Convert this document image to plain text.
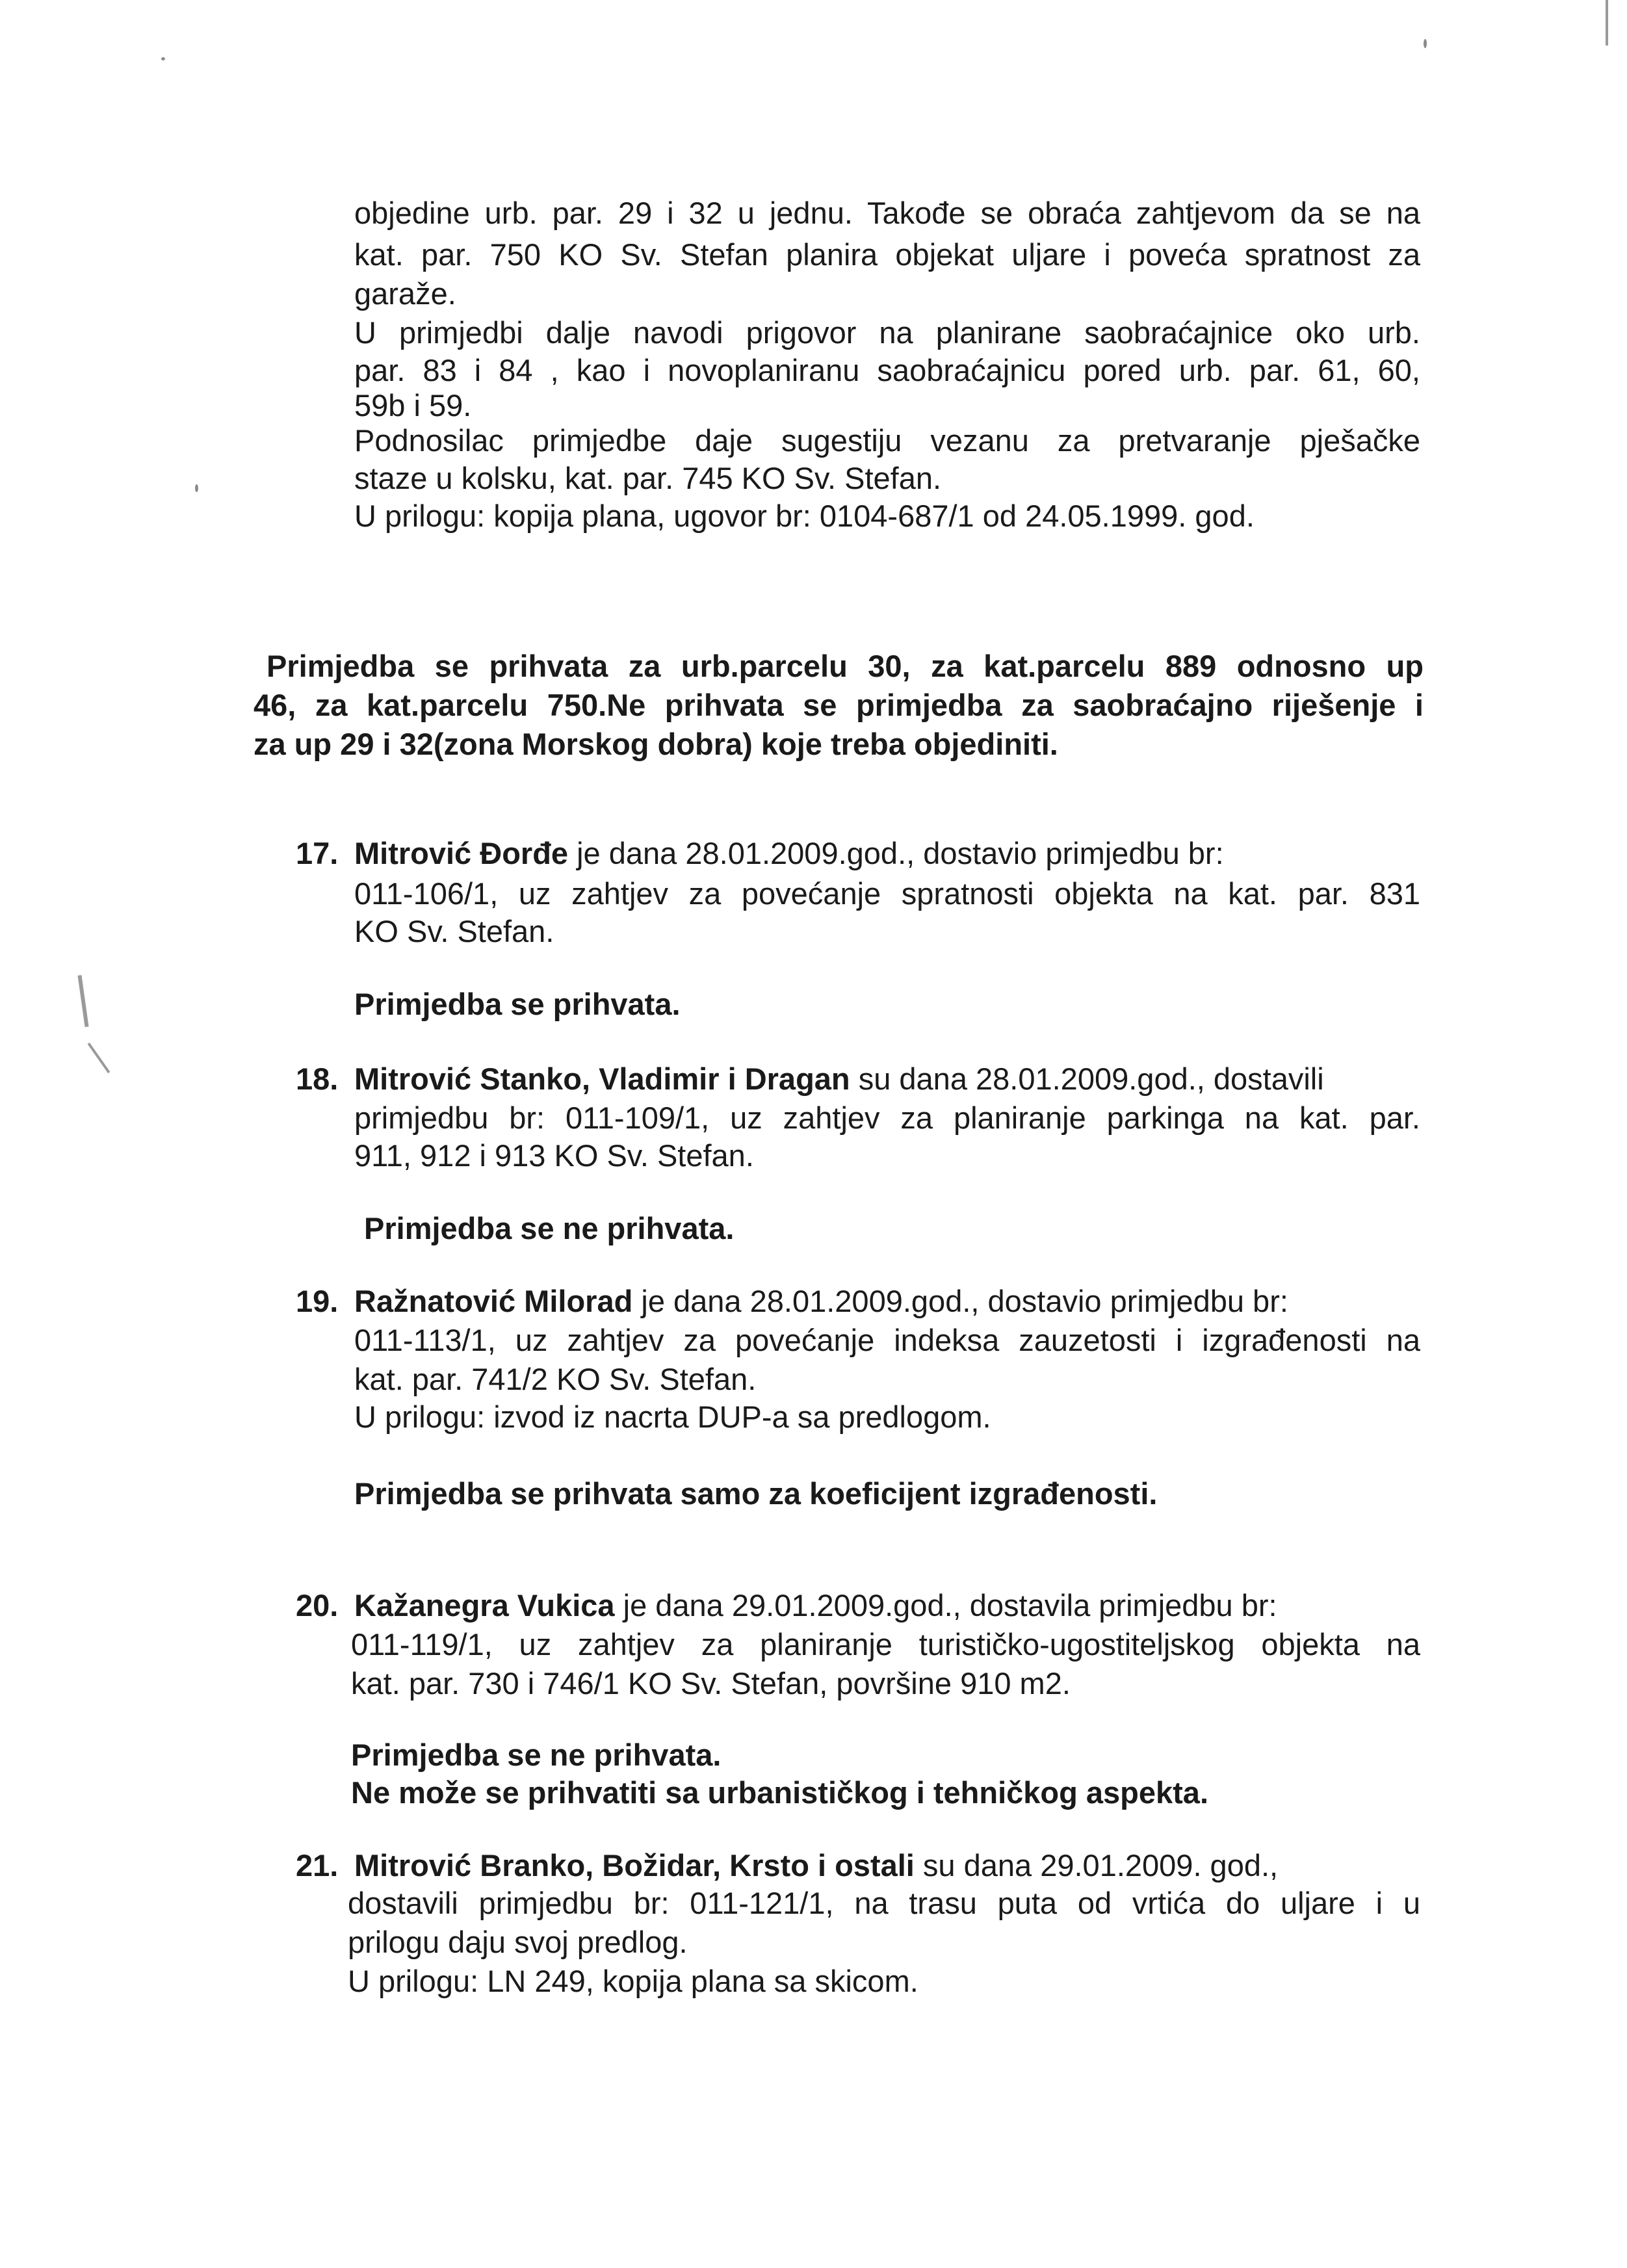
objedine urb. par. 29 i 32 u jednu. Takođe se obraća zahtjevom da se na
kat. par. 750 KO Sv. Stefan planira objekat uljare i poveća spratnost za
garaže.
U primjedbi dalje navodi prigovor na planirane saobraćajnice oko urb.
par. 83 i 84 , kao i novoplaniranu saobraćajnicu pored urb. par. 61, 60,
59b i 59.
Podnosilac primjedbe daje sugestiju vezanu za pretvaranje pješačke
staze u kolsku, kat. par. 745 KO Sv. Stefan.
U prilogu: kopija plana, ugovor br: 0104-687/1 od 24.05.1999. god.
Primjedba se prihvata za urb.parcelu 30, za kat.parcelu 889 odnosno up
46, za kat.parcelu 750.Ne prihvata se primjedba za saobraćajno riješenje i
za up 29 i 32(zona Morskog dobra) koje treba objediniti.
17. Mitrović Đorđe je dana 28.01.2009.god., dostavio primjedbu br:
011-106/1, uz zahtjev za povećanje spratnosti objekta na kat. par. 831
KO Sv. Stefan.
Primjedba se prihvata.
18. Mitrović Stanko, Vladimir i Dragan su dana 28.01.2009.god., dostavili
primjedbu br: 011-109/1, uz zahtjev za planiranje parkinga na kat. par.
911, 912 i 913 KO Sv. Stefan.
Primjedba se ne prihvata.
19. Ražnatović Milorad je dana 28.01.2009.god., dostavio primjedbu br:
011-113/1, uz zahtjev za povećanje indeksa zauzetosti i izgrađenosti na
kat. par. 741/2 KO Sv. Stefan.
U prilogu: izvod iz nacrta DUP-a sa predlogom.
Primjedba se prihvata samo za koeficijent izgrađenosti.
20. Kažanegra Vukica je dana 29.01.2009.god., dostavila primjedbu br:
011-119/1, uz zahtjev za planiranje turističko-ugostiteljskog objekta na
kat. par. 730 i 746/1 KO Sv. Stefan, površine 910 m2.
Primjedba se ne prihvata.
Ne može se prihvatiti sa urbanističkog i tehničkog aspekta.
21. Mitrović Branko, Božidar, Krsto i ostali su dana 29.01.2009. god.,
dostavili primjedbu br: 011-121/1, na trasu puta od vrtića do uljare i u
prilogu daju svoj predlog.
U prilogu: LN 249, kopija plana sa skicom.
